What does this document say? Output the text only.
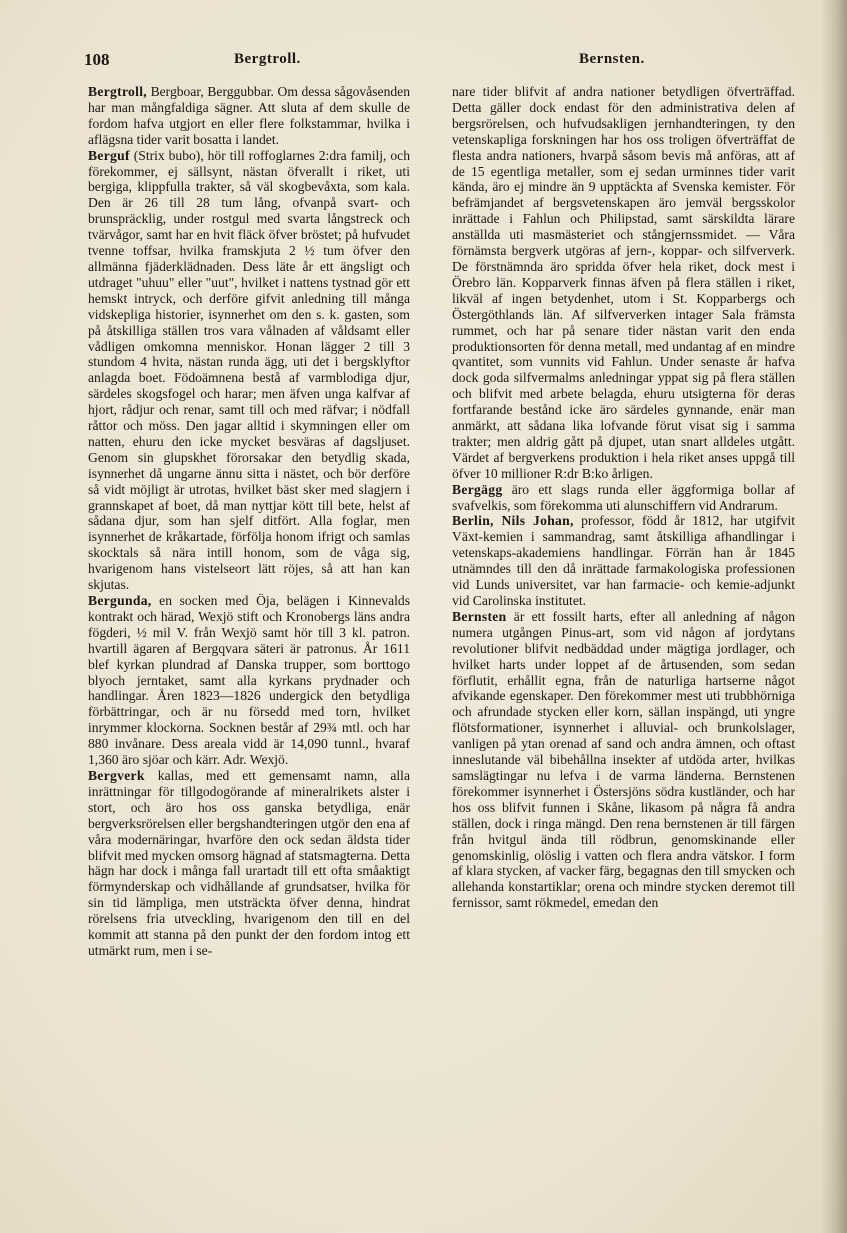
108	Bergtroll.	Bernsten.

Bergtroll, Bergboar, Berggubbar. Om dessa sågovåsenden har man mångfaldiga sägner. Att sluta af dem skulle de fordom hafva utgjort en eller flere folkstammar, hvilka i aflägsna tider varit bosatta i landet.

Berguf (Strix bubo), hör till roffoglarnes 2:dra familj, och förekommer, ej sällsynt, nästan öfverallt i riket, uti bergiga, klippfulla trakter, så väl skogbevåxta, som kala. Den är 26 till 28 tum lång, ofvanpå svart- och brunspräcklig, under rostgul med svarta långstreck och tvärvågor, samt har en hvit fläck öfver bröstet; på hufvudet tvenne toffsar, hvilka framskjuta 2 ½ tum öfver den allmänna fjäderklädnaden. Dess läte år ett ängsligt och utdraget "uhuu" eller "uut", hvilket i nattens tystnad gör ett hemskt intryck, och derföre gifvit anledning till många vidskepliga historier, isynnerhet om den s. k. gasten, som på åtskilliga ställen tros vara vålnaden af våldsamt eller vådligen omkomna menniskor. Honan lägger 2 till 3 stundom 4 hvita, nästan runda ägg, uti det i bergsklyftor anlagda boet. Födoämnena bestå af varmblodiga djur, särdeles skogsfogel och harar; men äfven unga kalfvar af hjort, rådjur och renar, samt till och med räfvar; i nödfall råttor och möss. Den jagar alltid i skymningen eller om natten, ehuru den icke mycket besväras af dagsljuset. Genom sin glupskhet förorsakar den betydlig skada, isynnerhet då ungarne ännu sitta i nästet, och bör derföre så vidt möjligt är utrotas, hvilket bäst sker med slagjern i grannskapet af boet, då man nyttjar kött till bete, helst af sådana djur, som han sjelf ditfört. Alla foglar, men isynnerhet de kråkartade, förfölja honom ifrigt och samlas skocktals så nära intill honom, som de våga sig, hvarigenom hans vistelseort lätt röjes, så att han kan skjutas.

Bergunda, en socken med Öja, belägen i Kinnevalds kontrakt och härad, Wexjö stift och Kronobergs läns andra fögderi, ½ mil V. från Wexjö samt hör till 3 kl. patron. hvartill ägaren af Bergqvara säteri är patronus. År 1611 blef kyrkan plundrad af Danska trupper, som borttogo blyoch jerntaket, samt alla kyrkans prydnader och handlingar. Åren 1823—1826 undergick den betydliga förbättringar, och är nu försedd med torn, hvilket inrymmer klockorna. Socknen består af 29¾ mtl. och har 880 invånare. Dess areala vidd är 14,090 tunnl., hvaraf 1,360 äro sjöar och kärr. Adr. Wexjö.

Bergverk kallas, med ett gemensamt namn, alla inrättningar för tillgodogörande af mineralrikets alster i stort, och äro hos oss ganska betydliga, enär bergverksrörelsen eller bergshandteringen utgör den ena af våra modernäringar, hvarföre den ock sedan äldsta tider blifvit med mycken omsorg hägnad af statsmagterna. Detta hägn har dock i många fall urartadt till ett ofta småaktigt förmynderskap och vidhållande af grundsatser, hvilka för sin tid lämpliga, men utsträckta öfver denna, hindrat rörelsens fria utveckling, hvarigenom den till en del kommit att stanna på den punkt der den fordom intog ett utmärkt rum, men i se-

nare tider blifvit af andra nationer betydligen öfverträffad. Detta gäller dock endast för den administrativa delen af bergsrörelsen, och hufvudsakligen jernhandteringen, ty den vetenskapliga forskningen har hos oss troligen öfverträffat de flesta andra nationers, hvarpå såsom bevis må anföras, att af de 15 egentliga metaller, som ej sedan urminnes tider varit kända, äro ej mindre än 9 upptäckta af Svenska kemister. För befrämjandet af bergsvetenskapen äro jemväl bergsskolor inrättade i Fahlun och Philipstad, samt särskildta lärare anställda uti masmästeriet och stångjernssmidet. — Våra förnämsta bergverk utgöras af jern-, koppar- och silfververk. De förstnämnda äro spridda öfver hela riket, dock mest i Örebro län. Kopparverk finnas äfven på flera ställen i riket, likväl af ingen betydenhet, utom i St. Kopparbergs och Östergöthlands län. Af silfververken intager Sala främsta rummet, och har på senare tider nästan varit den enda produktionsorten för denna metall, med undantag af en mindre qvantitet, som vunnits vid Fahlun. Under senaste år hafva dock goda silfvermalms anledningar yppat sig på flera ställen och blifvit med arbete belagda, ehuru utsigterna för deras fortfarande bestånd icke äro särdeles gynnande, enär man anmärkt, att sådana lika lofvande förut visat sig i samma trakter; men aldrig gått på djupet, utan snart alldeles utgått. Värdet af bergverkens produktion i hela riket anses uppgå till öfver 10 millioner R:dr B:ko årligen.

Bergägg äro ett slags runda eller äggformiga bollar af svafvelkis, som förekomma uti alunschiffern vid Andrarum.

Berlin, Nils Johan, professor, född år 1812, har utgifvit Växt-kemien i sammandrag, samt åtskilliga afhandlingar i vetenskaps-akademiens handlingar. Förrän han år 1845 utnämndes till den då inrättade farmakologiska professionen vid Lunds universitet, var han farmacie- och kemie-adjunkt vid Carolinska institutet.

Bernsten är ett fossilt harts, efter all anledning af någon numera utgången Pinus-art, som vid någon af jordytans revolutioner blifvit nedbäddad under mägtiga jordlager, och hvilket harts under loppet af de årtusenden, som sedan förflutit, erhållit egna, från de naturliga hartserne något afvikande egenskaper. Den förekommer mest uti trubbhörniga och afrundade stycken eller korn, sällan inspängd, uti yngre flötsformationer, isynnerhet i alluvial- och brunkolslager, vanligen på ytan orenad af sand och andra ämnen, och oftast inneslutande väl bibehållna insekter af utdöda arter, hvilkas samslägtingar nu lefva i de varma länderna. Bernstenen förekommer isynnerhet i Östersjöns södra kustländer, och har hos oss blifvit funnen i Skåne, likasom på några få andra ställen, dock i ringa mängd. Den rena bernstenen är till färgen från hvitgul ända till rödbrun, genomskinande eller genomskinlig, olöslig i vatten och flera andra vätskor. I form af klara stycken, af vacker färg, begagnas den till smycken och allehanda konstartiklar; orena och mindre stycken deremot till fernissor, samt rökmedel, emedan den
